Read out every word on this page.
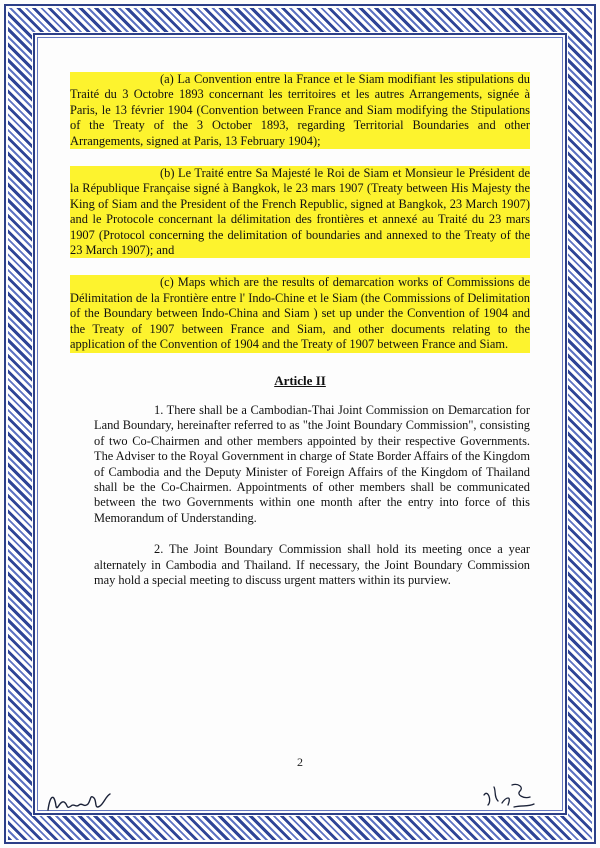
(a) La Convention entre la France et le Siam modifiant les stipulations du Traité du 3 Octobre 1893 concernant les territoires et les autres Arrangements, signée à Paris, le 13 février 1904 (Convention between France and Siam modifying the Stipulations of the Treaty of the 3 October 1893, regarding Territorial Boundaries and other Arrangements, signed at Paris, 13 February 1904);

(b) Le Traité entre Sa Majesté le Roi de Siam et Monsieur le Président de la République Française signé à Bangkok, le 23 mars 1907 (Treaty between His Majesty the King of Siam and the President of the French Republic, signed at Bangkok, 23 March 1907) and le Protocole concernant la délimitation des frontières et annexé au Traité du 23 mars 1907 (Protocol concerning the delimitation of boundaries and annexed to the Treaty of the 23 March 1907); and

(c) Maps which are the results of demarcation works of Commissions de Délimitation de la Frontière entre l' Indo-Chine et le Siam (the Commissions of Delimitation of the Boundary between Indo-China and Siam ) set up under the Convention of 1904 and the Treaty of 1907 between France and Siam, and other documents relating to the application of the Convention of 1904 and the Treaty of 1907 between France and Siam.

Article II

1. There shall be a Cambodian-Thai Joint Commission on Demarcation for Land Boundary, hereinafter referred to as "the Joint Boundary Commission", consisting of two Co-Chairmen and other members appointed by their respective Governments. The Adviser to the Royal Government in charge of State Border Affairs of the Kingdom of Cambodia and the Deputy Minister of Foreign Affairs of the Kingdom of Thailand shall be the Co-Chairmen. Appointments of other members shall be communicated between the two Governments within one month after the entry into force of this Memorandum of Understanding.

2. The Joint Boundary Commission shall hold its meeting once a year alternately in Cambodia and Thailand. If necessary, the Joint Boundary Commission may hold a special meeting to discuss urgent matters within its purview.

2
